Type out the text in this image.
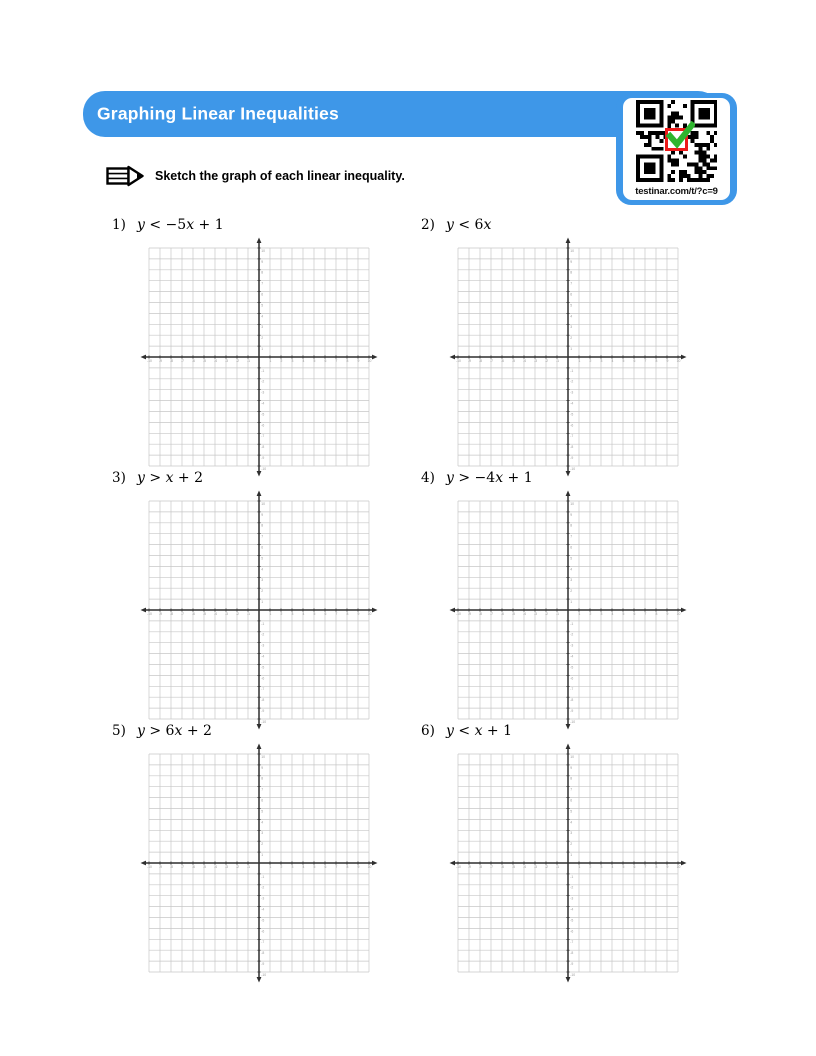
Graphing Linear Inequalities
testinar.com/t/?c=9
Sketch the graph of each linear inequality.
1) y < −5x + 1
-10
-10
-9
-9
-8
-8
-7
-7
-6
-6
-5
-5
-4
-4
-3
-3
-2
-2
-1
-1
1
1
2
2
3
3
4
4
5
5
6
6
7
7
8
8
9
9
10
10
2) y < 6x
-10
-10
-9
-9
-8
-8
-7
-7
-6
-6
-5
-5
-4
-4
-3
-3
-2
-2
-1
-1
1
1
2
2
3
3
4
4
5
5
6
6
7
7
8
8
9
9
10
10
3) y > x + 2
-10
-10
-9
-9
-8
-8
-7
-7
-6
-6
-5
-5
-4
-4
-3
-3
-2
-2
-1
-1
1
1
2
2
3
3
4
4
5
5
6
6
7
7
8
8
9
9
10
10
4) y > −4x + 1
-10
-10
-9
-9
-8
-8
-7
-7
-6
-6
-5
-5
-4
-4
-3
-3
-2
-2
-1
-1
1
1
2
2
3
3
4
4
5
5
6
6
7
7
8
8
9
9
10
10
5) y > 6x + 2
-10
-10
-9
-9
-8
-8
-7
-7
-6
-6
-5
-5
-4
-4
-3
-3
-2
-2
-1
-1
1
1
2
2
3
3
4
4
5
5
6
6
7
7
8
8
9
9
10
10
6) y < x + 1
-10
-10
-9
-9
-8
-8
-7
-7
-6
-6
-5
-5
-4
-4
-3
-3
-2
-2
-1
-1
1
1
2
2
3
3
4
4
5
5
6
6
7
7
8
8
9
9
10
10
